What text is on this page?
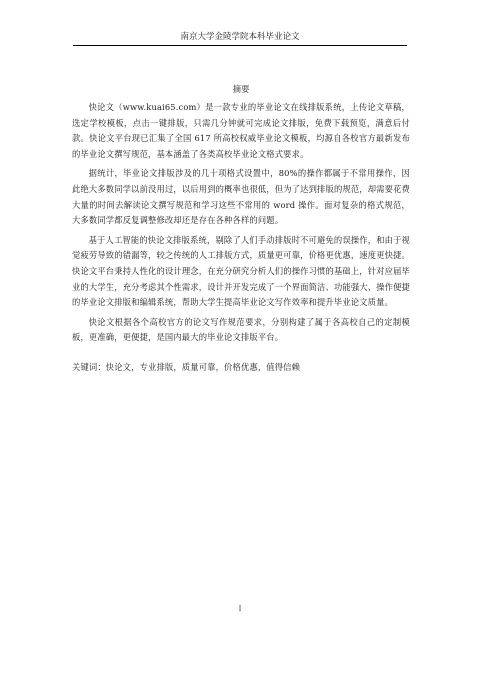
南京大学金陵学院本科毕业论文
摘要

快论文（www.kuai65.com）是一款专业的毕业论文在线排版系统，上传论文草稿，选定学校模板，点击一键排版，只需几分钟就可完成论文排版，免费下载预览，满意后付款。快论文平台现已汇集了全国 617 所高校权威毕业论文模板，均源自各校官方最新发布的毕业论文撰写规范，基本涵盖了各类高校毕业论文格式要求。

据统计，毕业论文排版涉及的几十项格式设置中，80%的操作都属于不常用操作，因此绝大多数同学以前没用过，以后用到的概率也很低，但为了达到排版的规范，却需要花费大量的时间去解读论文撰写规范和学习这些不常用的 word 操作。面对复杂的格式规范，大多数同学都反复调整修改却还是存在各种各样的问题。

基于人工智能的快论文排版系统，剔除了人们手动排版时不可避免的误操作，和由于视觉疲劳导致的错漏等，较之传统的人工排版方式，质量更可靠，价格更优惠，速度更快捷。快论文平台秉持人性化的设计理念，在充分研究分析人们的操作习惯的基础上，针对应届毕业的大学生，充分考虑其个性需求，设计并开发完成了一个界面简洁、功能强大、操作便捷的毕业论文排版和编辑系统，帮助大学生提高毕业论文写作效率和提升毕业论文质量。

快论文根据各个高校官方的论文写作规范要求，分别构建了属于各高校自己的定制模板，更准确，更便捷，是国内最大的毕业论文排版平台。

关键词：快论文，专业排版，质量可靠，价格优惠，值得信赖

I
